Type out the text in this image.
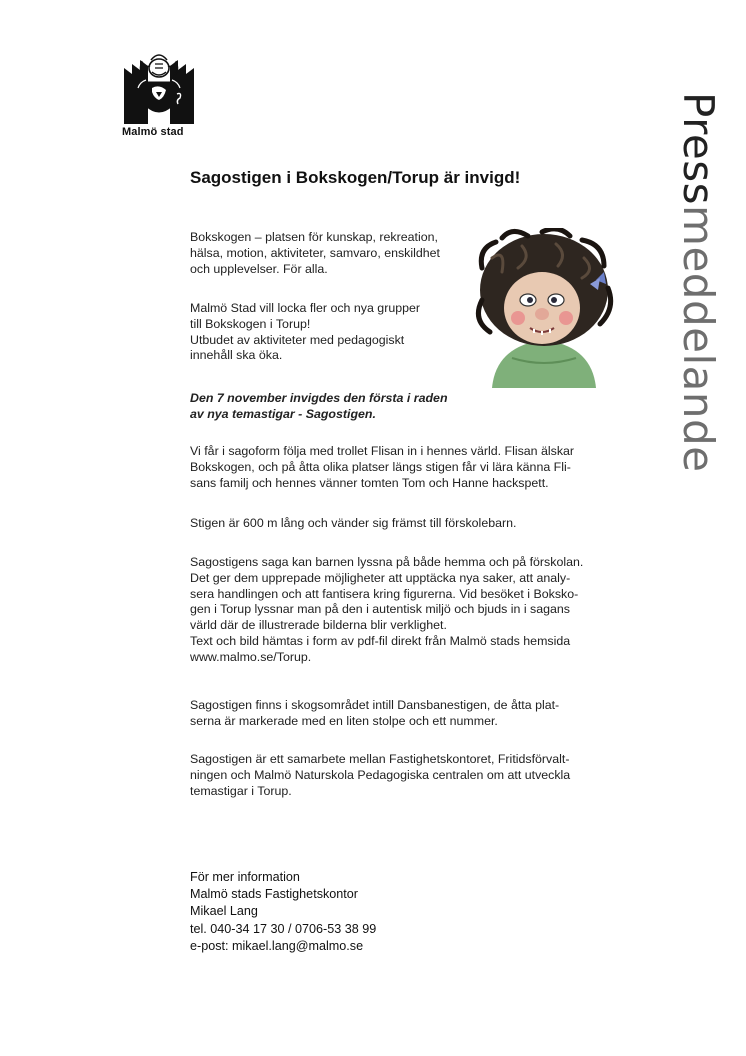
Malmö stad	Pressmeddelande
Sagostigen i Bokskogen/Torup är invigd!

Bokskogen – platsen för kunskap, rekreation,
hälsa, motion, aktiviteter, samvaro, enskildhet
och upplevelser. För alla.

Malmö Stad vill locka fler och nya grupper
till Bokskogen i Torup!
Utbudet av aktiviteter med pedagogiskt
innehåll ska öka.

Den 7 november invigdes den första i raden
av nya temastigar - Sagostigen.

Vi får i sagoform följa med trollet Flisan in i hennes värld. Flisan älskar
Bokskogen, och på åtta olika platser längs stigen får vi lära känna Fli-
sans familj och hennes vänner tomten Tom och Hanne hackspett.

Stigen är 600 m lång och vänder sig främst till förskolebarn.

Sagostigens saga kan barnen lyssna på både hemma och på förskolan.
Det ger dem upprepade möjligheter att upptäcka nya saker, att analy-
sera handlingen och att fantisera kring figurerna. Vid besöket i Boksko-
gen i Torup lyssnar man på den i autentisk miljö och bjuds in i sagans
värld där de illustrerade bilderna blir verklighet.
Text och bild hämtas i form av pdf-fil direkt från Malmö stads hemsida
www.malmo.se/Torup.

Sagostigen finns i skogsområdet intill Dansbanestigen, de åtta plat-
serna är markerade med en liten stolpe och ett nummer.

Sagostigen är ett samarbete mellan Fastighetskontoret, Fritidsförvalt-
ningen och Malmö Naturskola Pedagogiska centralen om att utveckla
temastigar i Torup.

För mer information
Malmö stads Fastighetskontor
Mikael Lang
tel. 040-34 17 30 / 0706-53 38 99
e-post: mikael.lang@malmo.se
